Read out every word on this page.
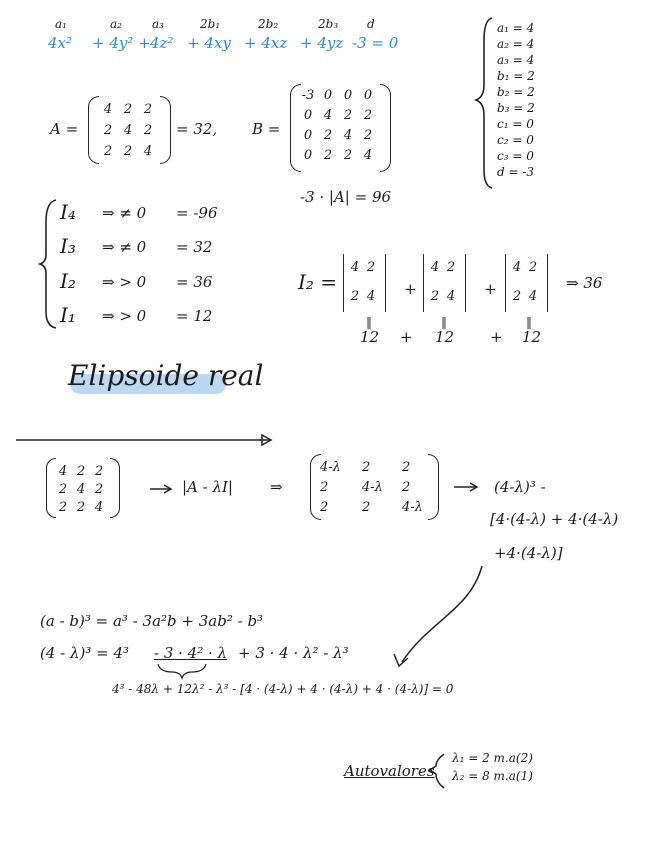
a₁	a₂	a₃	2b₁	2b₂	2b₃ d
4x² + 4y² + 4z² + 4xy + 4xz + 4yz -3 = 0
a₁ = 4
a₂ = 4
a₃ = 4
b₁ = 2
b₂ = 2
b₃ = 2
c₁ = 0
c₂ = 0
c₃ = 0
d = -3
A =
4 2 2
2 4 2
2 2 4
= 32, B =
-3 0 0 0
0 4 2 2
0 2 4 2
0 2 2 4
-3 · |A| = 96
I₄ ⇒ ≠ 0 = -96
I₃ ⇒ ≠ 0 = 32
I₂ ⇒ > 0 = 36
I₁ ⇒ > 0 = 12
I₂ =
4 2
2 4 +
4 2
2 4 +
4 2
2 4
⇒ 36
‖	‖	‖
12 + 12 + 12
Elipsoide real
4 2 2
2 4 2
2 2 4
|A - λI| ⇒
4-λ	2	2
2	4-λ	2
2	2	4-λ
(4-λ)³ -
[4·(4-λ) + 4·(4-λ)
+4·(4-λ)]
(a - b)³ = a³ - 3a²b + 3ab² - b³
(4 - λ)³ = 4³ - 3 · 4² · λ + 3 · 4 · λ² - λ³
4³ - 48λ + 12λ² - λ³ - [4 · (4-λ) + 4 · (4-λ) + 4 · (4-λ)] = 0
Autovalores
λ₁ = 2 m.a(2)
λ₂ = 8 m.a(1)
